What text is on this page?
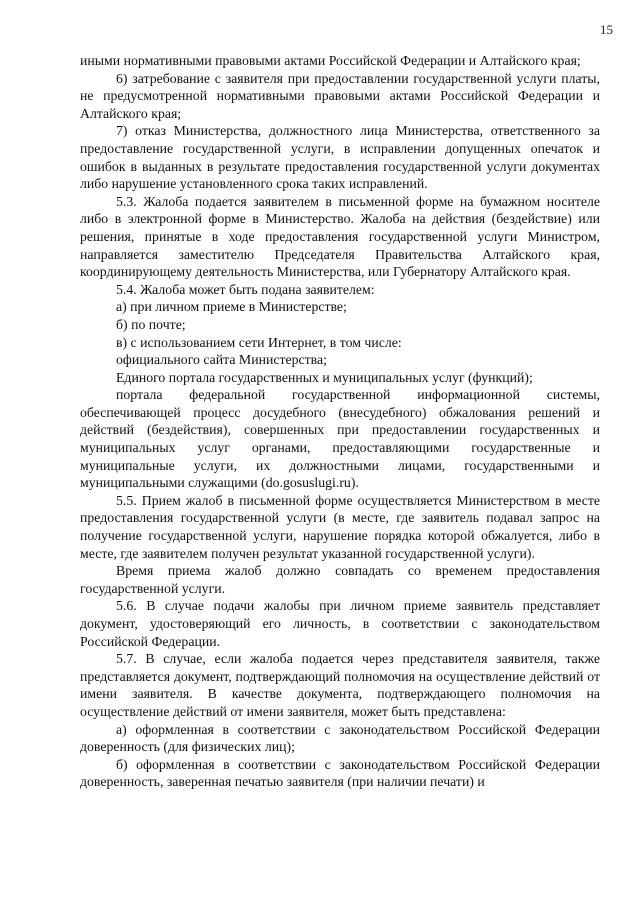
15

иными нормативными правовыми актами Российской Федерации и Алтайского края;

6) затребование с заявителя при предоставлении государственной услуги платы, не предусмотренной нормативными правовыми актами Российской Федерации и Алтайского края;

7) отказ Министерства, должностного лица Министерства, ответственного за предоставление государственной услуги, в исправлении допущенных опечаток и ошибок в выданных в результате предоставления государственной услуги документах либо нарушение установленного срока таких исправлений.

5.3. Жалоба подается заявителем в письменной форме на бумажном носителе либо в электронной форме в Министерство. Жалоба на действия (бездействие) или решения, принятые в ходе предоставления государственной услуги Министром, направляется заместителю Председателя Правительства Алтайского края, координирующему деятельность Министерства, или Губернатору Алтайского края.

5.4. Жалоба может быть подана заявителем:

а) при личном приеме в Министерстве;

б) по почте;

в) с использованием сети Интернет, в том числе:

официального сайта Министерства;

Единого портала государственных и муниципальных услуг (функций);

портала федеральной государственной информационной системы, обеспечивающей процесс досудебного (внесудебного) обжалования решений и действий (бездействия), совершенных при предоставлении государственных и муниципальных услуг органами, предоставляющими государственные и муниципальные услуги, их должностными лицами, государственными и муниципальными служащими (do.gosuslugi.ru).

5.5. Прием жалоб в письменной форме осуществляется Министерством в месте предоставления государственной услуги (в месте, где заявитель подавал запрос на получение государственной услуги, нарушение порядка которой обжалуется, либо в месте, где заявителем получен результат указанной государственной услуги).

Время приема жалоб должно совпадать со временем предоставления государственной услуги.

5.6. В случае подачи жалобы при личном приеме заявитель представляет документ, удостоверяющий его личность, в соответствии с законодательством Российской Федерации.

5.7. В случае, если жалоба подается через представителя заявителя, также представляется документ, подтверждающий полномочия на осуществление действий от имени заявителя. В качестве документа, подтверждающего полномочия на осуществление действий от имени заявителя, может быть представлена:

а) оформленная в соответствии с законодательством Российской Федерации доверенность (для физических лиц);

б) оформленная в соответствии с законодательством Российской Федерации доверенность, заверенная печатью заявителя (при наличии печати) и
